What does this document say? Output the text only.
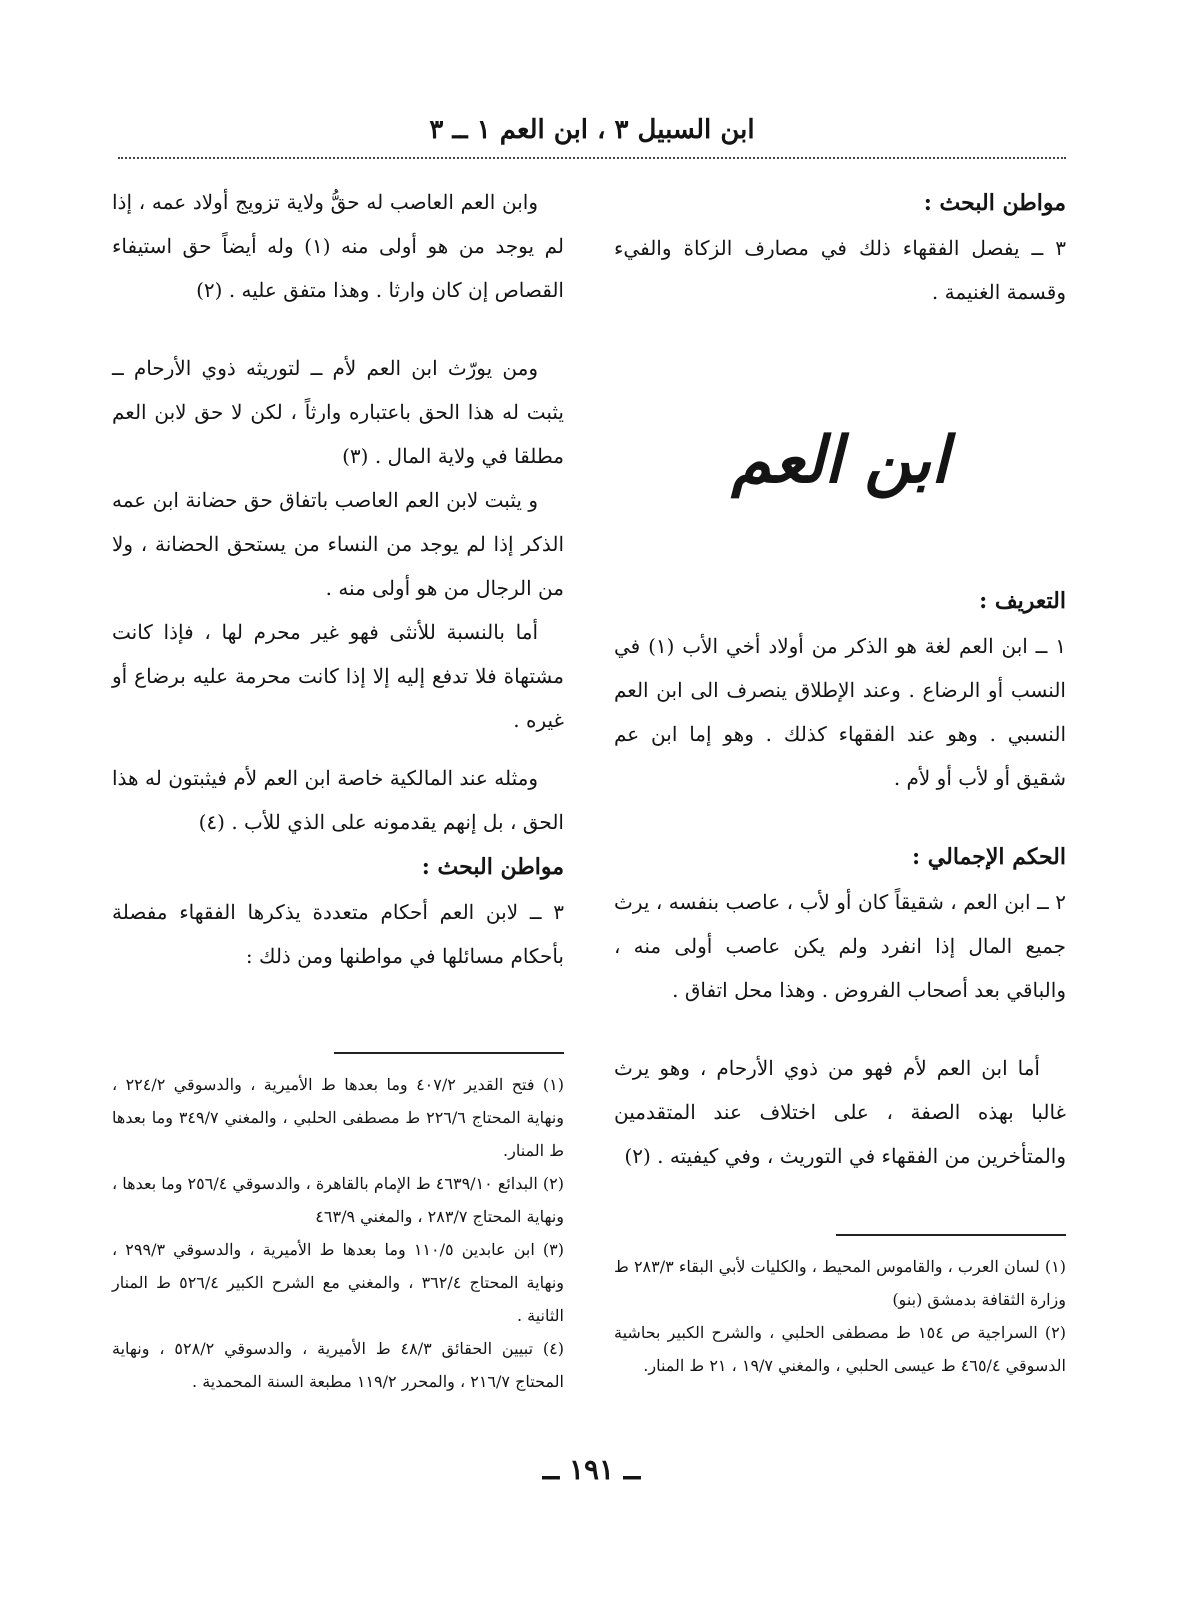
ابن السبيل ٣ ، ابن العم ١ ــ ٣

مواطن البحث :

٣ ــ يفصل الفقهاء ذلك في مصارف الزكاة والفيء وقسمة الغنيمة .

ابن العم

التعريف :

١ ــ ابن العم لغة هو الذكر من أولاد أخي الأب (١) في النسب أو الرضاع . وعند الإطلاق ينصرف الى ابن العم النسبي . وهو عند الفقهاء كذلك . وهو إما ابن عم شقيق أو لأب أو لأم .

الحكم الإجمالي :

٢ ــ ابن العم ، شقيقاً كان أو لأب ، عاصب بنفسه ، يرث جميع المال إذا انفرد ولم يكن عاصب أولى منه ، والباقي بعد أصحاب الفروض . وهذا محل اتفاق .

أما ابن العم لأم فهو من ذوي الأرحام ، وهو يرث غالبا بهذه الصفة ، على اختلاف عند المتقدمين والمتأخرين من الفقهاء في التوريث ، وفي كيفيته . (٢)

(١) لسان العرب ، والقاموس المحيط ، والكليات لأبي البقاء ٢٨٣/٣ ط وزارة الثقافة بدمشق (بنو)

(٢) السراجية ص ١٥٤ ط مصطفى الحلبي ، والشرح الكبير بحاشية الدسوقي ٤٦٥/٤ ط عيسى الحلبي ، والمغني ١٩/٧ ، ٢١ ط المنار.

وابن العم العاصب له حقُّ ولاية تزويج أولاد عمه ، إذا لم يوجد من هو أولى منه (١) وله أيضاً حق استيفاء القصاص إن كان وارثا . وهذا متفق عليه . (٢)

ومن يورّث ابن العم لأم ــ لتوريثه ذوي الأرحام ــ يثبت له هذا الحق باعتباره وارثاً ، لكن لا حق لابن العم مطلقا في ولاية المال . (٣)

و يثبت لابن العم العاصب باتفاق حق حضانة ابن عمه الذكر إذا لم يوجد من النساء من يستحق الحضانة ، ولا من الرجال من هو أولى منه .

أما بالنسبة للأنثى فهو غير محرم لها ، فإذا كانت مشتهاة فلا تدفع إليه إلا إذا كانت محرمة عليه برضاع أو غيره .

ومثله عند المالكية خاصة ابن العم لأم فيثبتون له هذا الحق ، بل إنهم يقدمونه على الذي للأب . (٤)

مواطن البحث :

٣ ــ لابن العم أحكام متعددة يذكرها الفقهاء مفصلة بأحكام مسائلها في مواطنها ومن ذلك :

(١) فتح القدير ٤٠٧/٢ وما بعدها ط الأميرية ، والدسوقي ٢٢٤/٢ ، ونهاية المحتاج ٢٢٦/٦ ط مصطفى الحلبي ، والمغني ٣٤٩/٧ وما بعدها ط المنار.

(٢) البدائع ٤٦٣٩/١٠ ط الإمام بالقاهرة ، والدسوقي ٢٥٦/٤ وما بعدها ، ونهاية المحتاج ٢٨٣/٧ ، والمغني ٤٦٣/٩

(٣) ابن عابدين ١١٠/٥ وما بعدها ط الأميرية ، والدسوقي ٢٩٩/٣ ، ونهاية المحتاج ٣٦٢/٤ ، والمغني مع الشرح الكبير ٥٢٦/٤ ط المنار الثانية .

(٤) تبيين الحقائق ٤٨/٣ ط الأميرية ، والدسوقي ٥٢٨/٢ ، ونهاية المحتاج ٢١٦/٧ ، والمحرر ١١٩/٢ مطبعة السنة المحمدية .

ــ ١٩١ ــ
